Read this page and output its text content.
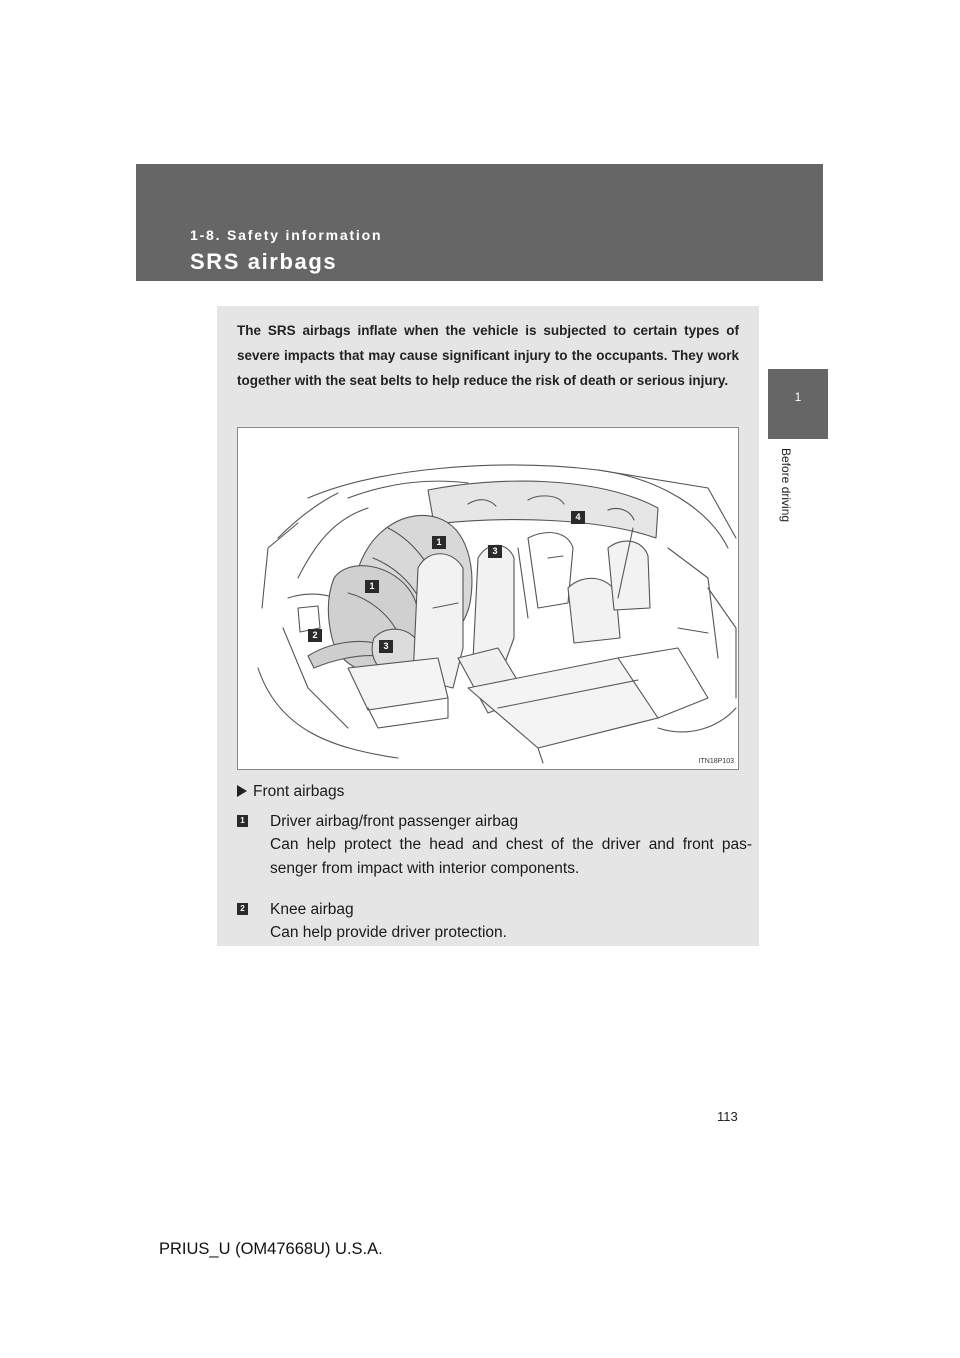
1-8. Safety information
SRS airbags
1
Before driving
The SRS airbags inflate when the vehicle is subjected to certain types of severe impacts that may cause significant injury to the occupants. They work together with the seat belts to help reduce the risk of death or serious injury.
1
1
2
3
3
4
ITN18P103
Front airbags
1 Driver airbag/front passenger airbag
Can help protect the head and chest of the driver and front pas- senger from impact with interior components.
2 Knee airbag
Can help provide driver protection.
113
PRIUS_U (OM47668U) U.S.A.
